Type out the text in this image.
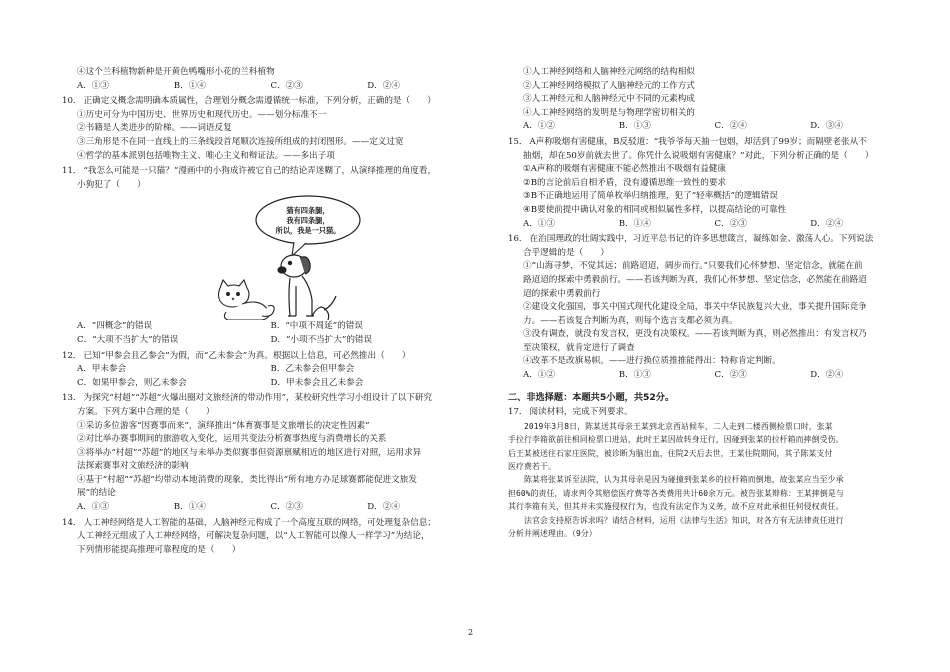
④这个兰科植物新种是开黄色鸭嘴形小花的兰科植物
A．①③	B．①④	C．②③	D．②④
10． 正确定义概念需明确本质属性，合理划分概念需遵循统一标准，下列分析，正确的是（　　）
①历史可分为中国历史、世界历史和现代历史。——划分标准不一
②书籍是人类进步的阶梯。——词语反复
③三角形是不在同一直线上的三条线段首尾顺次连接所组成的封闭图形。——定义过宽
④哲学的基本派别包括唯物主义、唯心主义和辩证法。——多出子项
11． “我怎么可能是一只猫？”漫画中的小狗成许被它自己的结论弄迷糊了，从演绎推理的角度看，
小狗犯了（　　）
猫有四条腿，
我有四条腿，
所以，我是一只猫。
A．“四概念”的错误	B．“中项不周延”的错误
C．“大项不当扩大”的错误	D．“小项不当扩大”的错误
12． 已知“甲参会且乙参会”为假，而“乙未参会”为真。根据以上信息，可必然推出（　　）
A．甲未参会	B．乙未参会但甲参会
C．如果甲参会，则乙未参会	D．甲未参会且乙未参会
13． 为探究“村超”“苏超”火爆出圈对文旅经济的带动作用”，某校研究性学习小组设计了以下研究
方案。下列方案中合理的是（　　）
①采访多位游客“因赛事而来”，演绎推出“体育赛事是文旅增长的决定性因素”
②对比举办赛事期间的旅游收入变化，运用共变法分析赛事热度与消费增长的关系
③将举办“村超”“苏超”的地区与未举办类似赛事但资源禀赋相近的地区进行对照，运用求异
法探索赛事对文旅经济的影响
④基于“村超”“苏超”均带动本地消费的现象，类比得出“所有地方办足球赛都能促进文旅发
展”的结论
A．①③	B．①④	C．②③	D．②④
14． 人工神经网络是人工智能的基础，人脑神经元构成了一个高度互联的网络，可处理复杂信息；
人工神经元组成了人工神经网络，可解决复杂问题，以“人工智能可以像人一样学习”为结论，
下列情形能提高推理可靠程度的是（　　）
①人工神经网络和人脑神经元网络的结构相似
②人工神经网络模拟了人脑神经元的工作方式
③人工神经元和人脑神经元中不同的元素构成
④人工神经网络的发明是与物理学密切相关的
A．①②	B．①③	C．②④	D．③④
15． A声称吸烟有害健康，B反驳道：“我爷爷每天抽一包烟，却活到了99岁；而隔壁老张从不
抽烟，却在50岁前就去世了。你凭什么说吸烟有害健康？”对此，下列分析正确的是（　　）
①A声称的吸烟有害健康不能必然推出不吸烟有益健康
②B的言论前后自相矛盾，没有遵循思维一致性的要求
③B不正确地运用了简单枚举归纳推理，犯了“轻率概括”的逻辑错误
④B要使前提中确认对象的相同或相似属性多样，以提高结论的可靠性
A．①③	B．①④	C．②③	D．②④
16． 在治国理政的壮阔实践中，习近平总书记的许多思想箴言，凝练如金、激荡人心。下列说法
合乎逻辑的是（　　）
①“山海寻梦，不觉其远；前路迢迢，阔步而行。”只要我们心怀梦想、坚定信念，就能在前
路迢迢的探索中勇毅前行。——若该判断为真，我们心怀梦想、坚定信念，必然能在前路迢
迢的探索中勇毅前行
②建设文化强国，事关中国式现代化建设全局，事关中华民族复兴大业，事关提升国际竞争
力。——若该复合判断为真，则每个选言支都必须为真。
③没有调查，就没有发言权，更没有决策权。——若该判断为真，则必然推出：有发言权乃
至决策权，就肯定进行了调查
④改革不是改旗易帜。——进行换位质推推能得出：特称肯定判断。
A．①②	B．①③	C．②③	D．②④
二、非选择题：本题共5小题，共52分。
17． 阅读材料，完成下列要求。

2019年3月8日，陈某送其母亲王某到北京西站候车，二人走到二楼西侧检票口时，张某

手拉行李箱欲前往相同检票口进站，此时王某因故转身迂行，因碰到张某的拉杆箱而摔倒受伤。

后王某被送往石家庄医院，被诊断为脑出血，住院2天后去世，王某住院期间，其子陈某支付

医疗费若干。

陈某将张某诉至法院，认为其母亲是因为碰撞到张某乡的拉杆箱而倒地，故张某应当至少承

担60%的责任，请求判令其赔偿医疗费等各类费用共计60余万元。被告张某辩称：王某摔倒是与

其行李箱有关，但其并未实施侵权行为，也没有法定作为义务，故不应对此承担任何侵权责任。

法官会支持原告诉求吗？请结合材料，运用《法律与生活》知识，对各方有无法律责任进行

分析并阐述理由。（9分）

2
